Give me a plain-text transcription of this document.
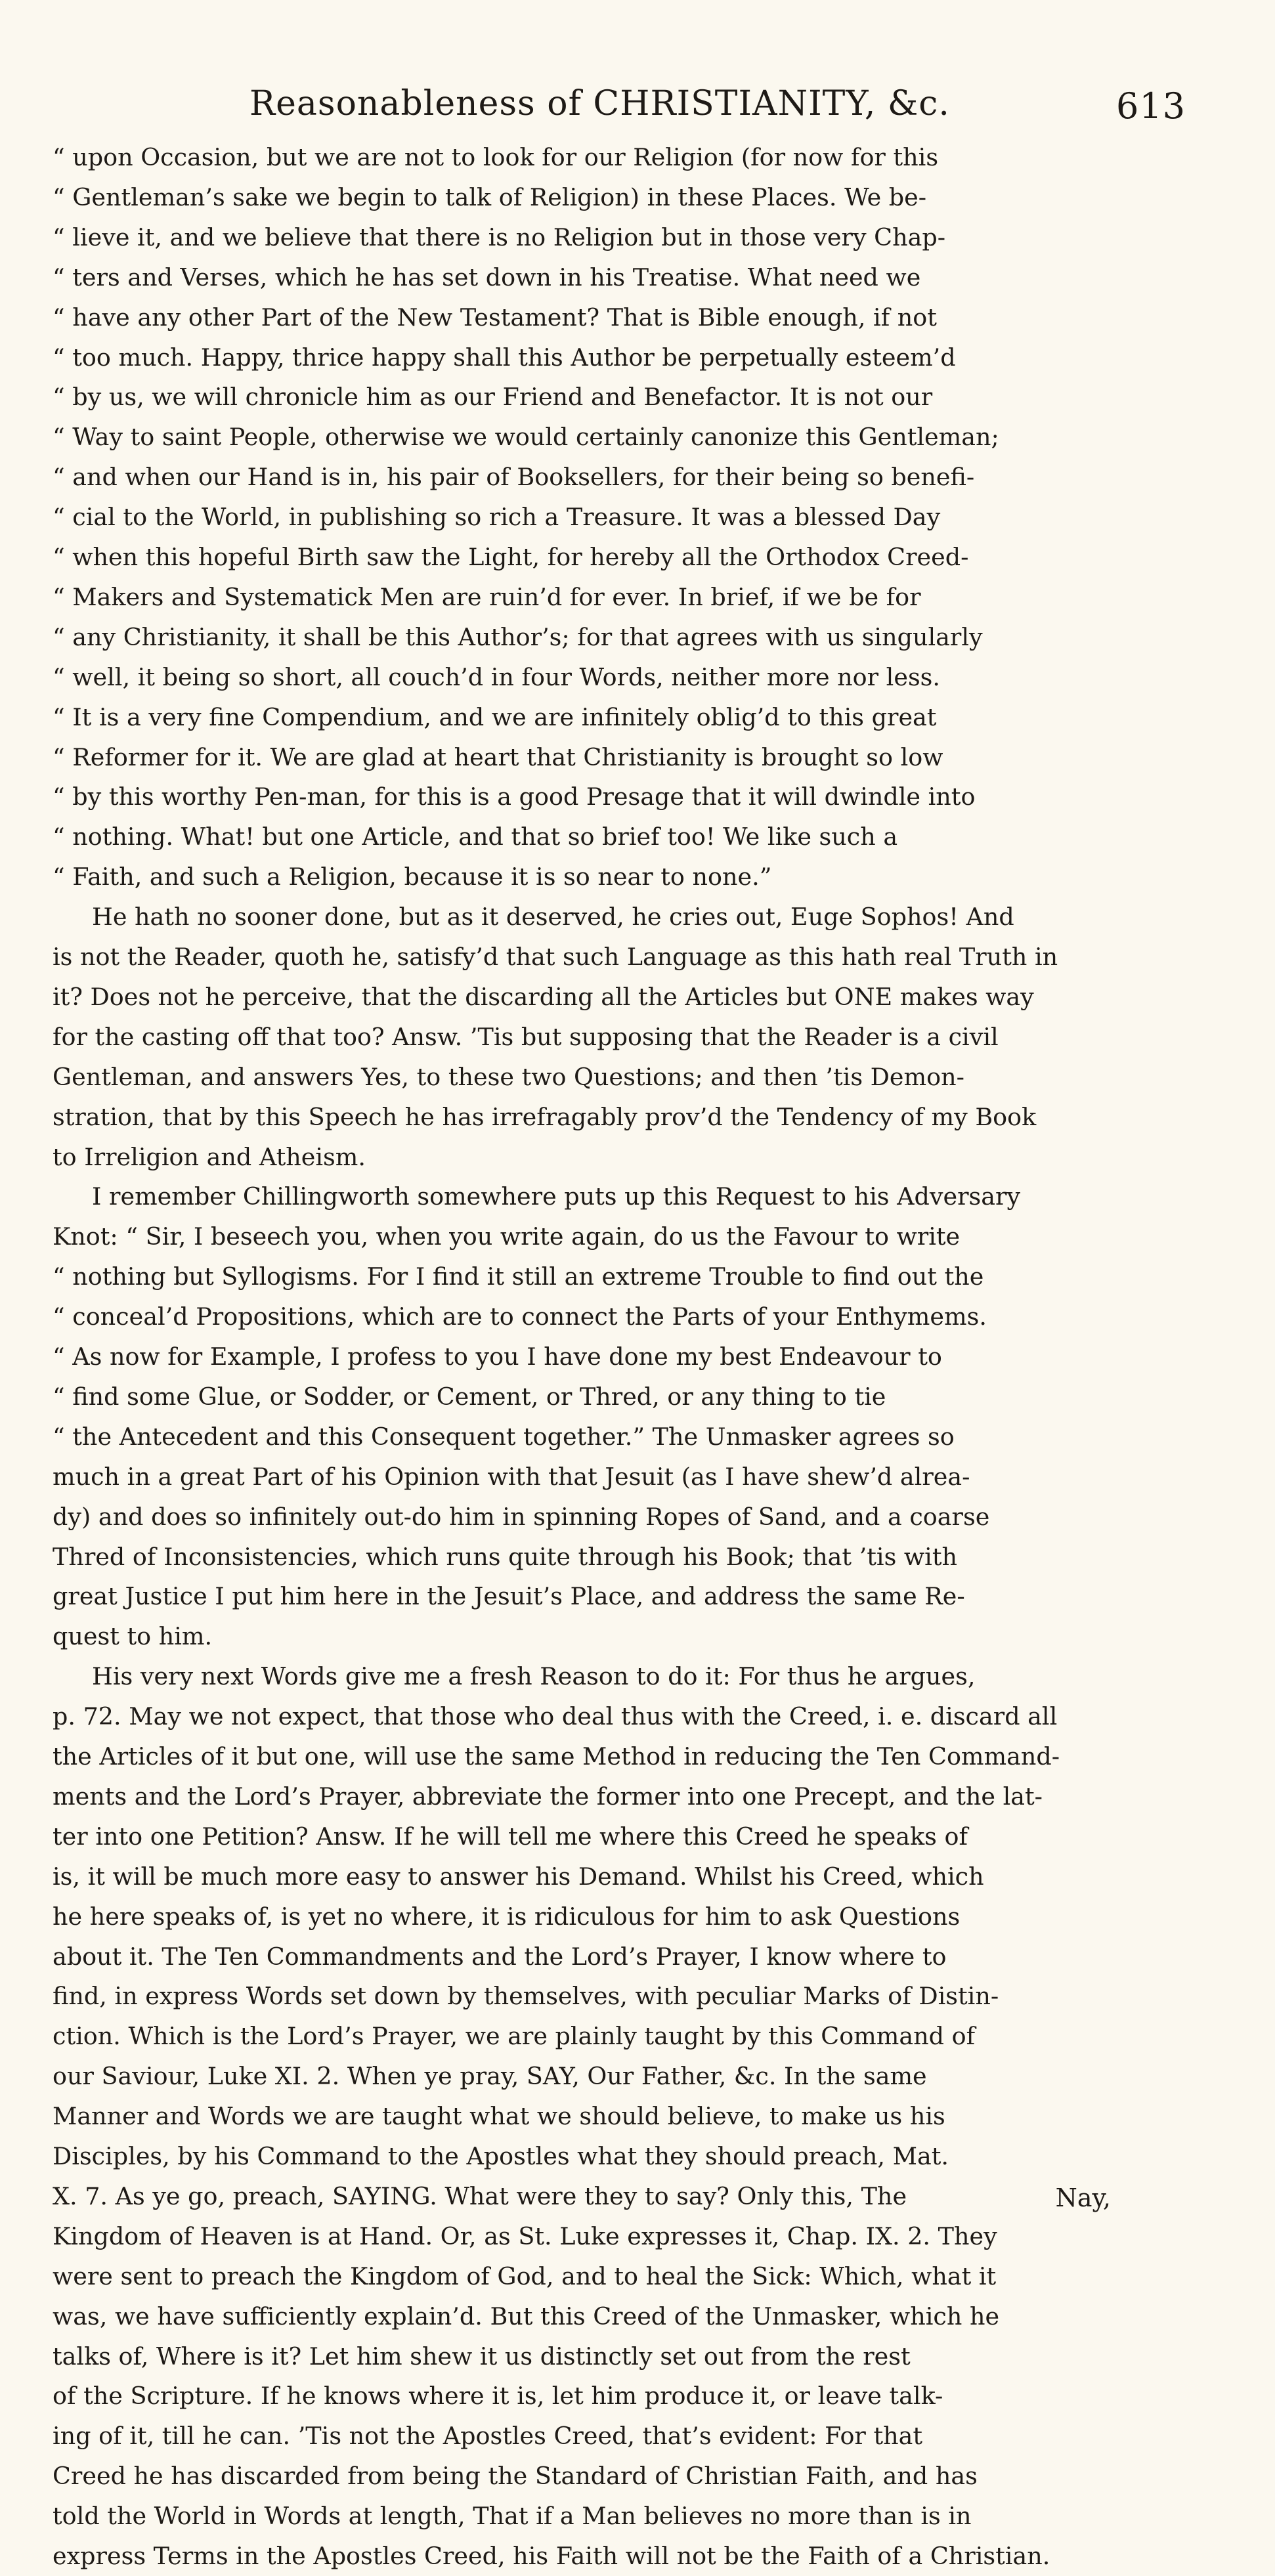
Reasonableness of CHRISTIANITY, &c.	613
“ upon Occasion, but we are not to look for our Religion (for now for this
“ Gentleman’s sake we begin to talk of Religion) in these Places. We be-
“ lieve it, and we believe that there is no Religion but in those very Chap-
“ ters and Verses, which he has set down in his Treatise. What need we
“ have any other Part of the New Testament? That is Bible enough, if not
“ too much. Happy, thrice happy shall this Author be perpetually esteem’d
“ by us, we will chronicle him as our Friend and Benefactor. It is not our
“ Way to saint People, otherwise we would certainly canonize this Gentleman;
“ and when our Hand is in, his pair of Booksellers, for their being so benefi-
“ cial to the World, in publishing so rich a Treasure. It was a blessed Day
“ when this hopeful Birth saw the Light, for hereby all the Orthodox Creed-
“ Makers and Systematick Men are ruin’d for ever. In brief, if we be for
“ any Christianity, it shall be this Author’s; for that agrees with us singularly
“ well, it being so short, all couch’d in four Words, neither more nor less.
“ It is a very fine Compendium, and we are infinitely oblig’d to this great
“ Reformer for it. We are glad at heart that Christianity is brought so low
“ by this worthy Pen-man, for this is a good Presage that it will dwindle into
“ nothing. What! but one Article, and that so brief too! We like such a
“ Faith, and such a Religion, because it is so near to none.”
He hath no sooner done, but as it deserved, he cries out, Euge Sophos! And
is not the Reader, quoth he, satisfy’d that such Language as this hath real Truth in
it? Does not he perceive, that the discarding all the Articles but ONE makes way
for the casting off that too? Answ. ’Tis but supposing that the Reader is a civil
Gentleman, and answers Yes, to these two Questions; and then ’tis Demon-
stration, that by this Speech he has irrefragably prov’d the Tendency of my Book
to Irreligion and Atheism.
I remember Chillingworth somewhere puts up this Request to his Adversary
Knot: “ Sir, I beseech you, when you write again, do us the Favour to write
“ nothing but Syllogisms. For I find it still an extreme Trouble to find out the
“ conceal’d Propositions, which are to connect the Parts of your Enthymems.
“ As now for Example, I profess to you I have done my best Endeavour to
“ find some Glue, or Sodder, or Cement, or Thred, or any thing to tie
“ the Antecedent and this Consequent together.” The Unmasker agrees so
much in a great Part of his Opinion with that Jesuit (as I have shew’d alrea-
dy) and does so infinitely out-do him in spinning Ropes of Sand, and a coarse
Thred of Inconsistencies, which runs quite through his Book; that ’tis with
great Justice I put him here in the Jesuit’s Place, and address the same Re-
quest to him.
His very next Words give me a fresh Reason to do it: For thus he argues,
p. 72. May we not expect, that those who deal thus with the Creed, i. e. discard all
the Articles of it but one, will use the same Method in reducing the Ten Command-
ments and the Lord’s Prayer, abbreviate the former into one Precept, and the lat-
ter into one Petition? Answ. If he will tell me where this Creed he speaks of
is, it will be much more easy to answer his Demand. Whilst his Creed, which
he here speaks of, is yet no where, it is ridiculous for him to ask Questions
about it. The Ten Commandments and the Lord’s Prayer, I know where to
find, in express Words set down by themselves, with peculiar Marks of Distin-
ction. Which is the Lord’s Prayer, we are plainly taught by this Command of
our Saviour, Luke XI. 2. When ye pray, SAY, Our Father, &c. In the same
Manner and Words we are taught what we should believe, to make us his
Disciples, by his Command to the Apostles what they should preach, Mat.
X. 7. As ye go, preach, SAYING. What were they to say? Only this, The
Kingdom of Heaven is at Hand. Or, as St. Luke expresses it, Chap. IX. 2. They
were sent to preach the Kingdom of God, and to heal the Sick: Which, what it
was, we have sufficiently explain’d. But this Creed of the Unmasker, which he
talks of, Where is it? Let him shew it us distinctly set out from the rest
of the Scripture. If he knows where it is, let him produce it, or leave talk-
ing of it, till he can. ’Tis not the Apostles Creed, that’s evident: For that
Creed he has discarded from being the Standard of Christian Faith, and has
told the World in Words at length, That if a Man believes no more than is in
express Terms in the Apostles Creed, his Faith will not be the Faith of a Christian.
Nay,
